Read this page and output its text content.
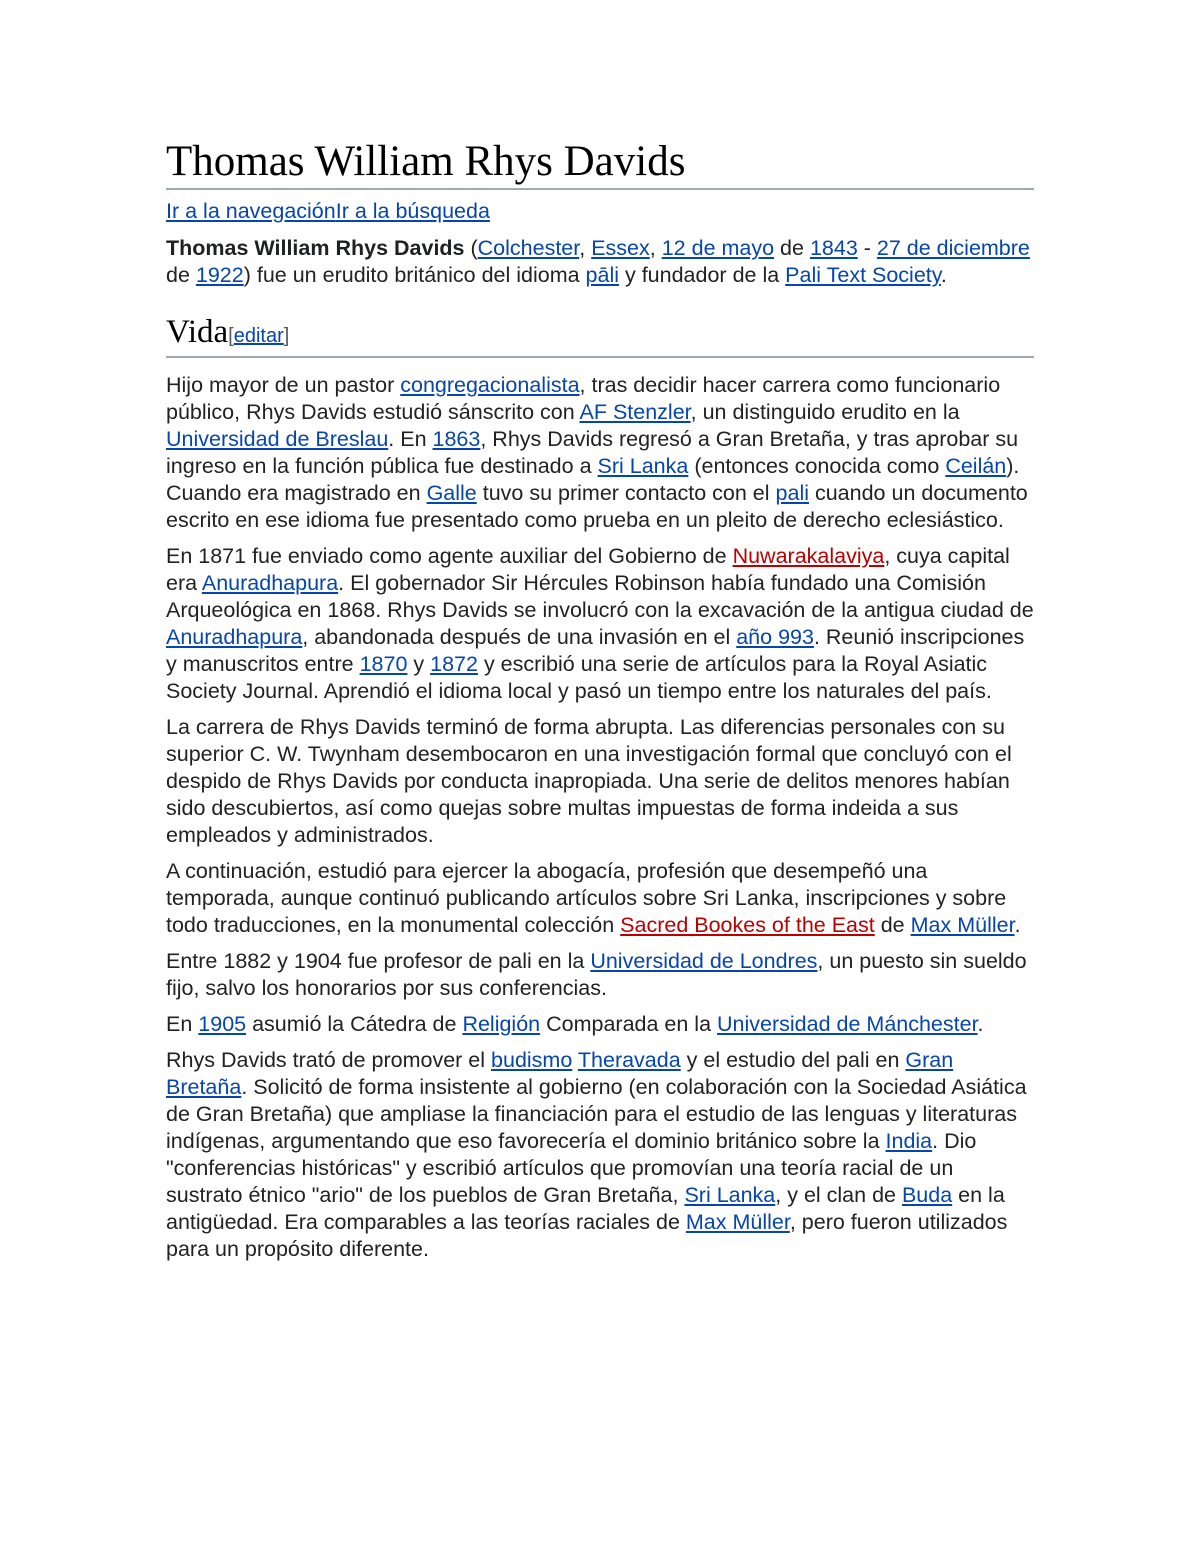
Thomas William Rhys Davids
Ir a la navegaciónIr a la búsqueda

Thomas William Rhys Davids (Colchester, Essex, 12 de mayo de 1843 - 27 de diciembre de 1922) fue un erudito británico del idioma pāli y fundador de la Pali Text Society.

Vida[editar]

Hijo mayor de un pastor congregacionalista, tras decidir hacer carrera como funcionario público, Rhys Davids estudió sánscrito con AF Stenzler, un distinguido erudito en la Universidad de Breslau. En 1863, Rhys Davids regresó a Gran Bretaña, y tras aprobar su ingreso en la función pública fue destinado a Sri Lanka (entonces conocida como Ceilán). Cuando era magistrado en Galle tuvo su primer contacto con el pali cuando un documento escrito en ese idioma fue presentado como prueba en un pleito de derecho eclesiástico.

En 1871 fue enviado como agente auxiliar del Gobierno de Nuwarakalaviya, cuya capital era Anuradhapura. El gobernador Sir Hércules Robinson había fundado una Comisión Arqueológica en 1868. Rhys Davids se involucró con la excavación de la antigua ciudad de Anuradhapura, abandonada después de una invasión en el año 993. Reunió inscripciones y manuscritos entre 1870 y 1872 y escribió una serie de artículos para la Royal Asiatic Society Journal. Aprendió el idioma local y pasó un tiempo entre los naturales del país.

La carrera de Rhys Davids terminó de forma abrupta. Las diferencias personales con su superior C. W. Twynham desembocaron en una investigación formal que concluyó con el despido de Rhys Davids por conducta inapropiada. Una serie de delitos menores habían sido descubiertos, así como quejas sobre multas impuestas de forma indeida a sus empleados y administrados.

A continuación, estudió para ejercer la abogacía, profesión que desempeñó una temporada, aunque continuó publicando artículos sobre Sri Lanka, inscripciones y sobre todo traducciones, en la monumental colección Sacred Bookes of the East de Max Müller.

Entre 1882 y 1904 fue profesor de pali en la Universidad de Londres, un puesto sin sueldo fijo, salvo los honorarios por sus conferencias.

En 1905 asumió la Cátedra de Religión Comparada en la Universidad de Mánchester.

Rhys Davids trató de promover el budismo Theravada y el estudio del pali en Gran Bretaña. Solicitó de forma insistente al gobierno (en colaboración con la Sociedad Asiática de Gran Bretaña) que ampliase la financiación para el estudio de las lenguas y literaturas indígenas, argumentando que eso favorecería el dominio británico sobre la India. Dio "conferencias históricas" y escribió artículos que promovían una teoría racial de un sustrato étnico "ario" de los pueblos de Gran Bretaña, Sri Lanka, y el clan de Buda en la antigüedad. Era comparables a las teorías raciales de Max Müller, pero fueron utilizados para un propósito diferente.
